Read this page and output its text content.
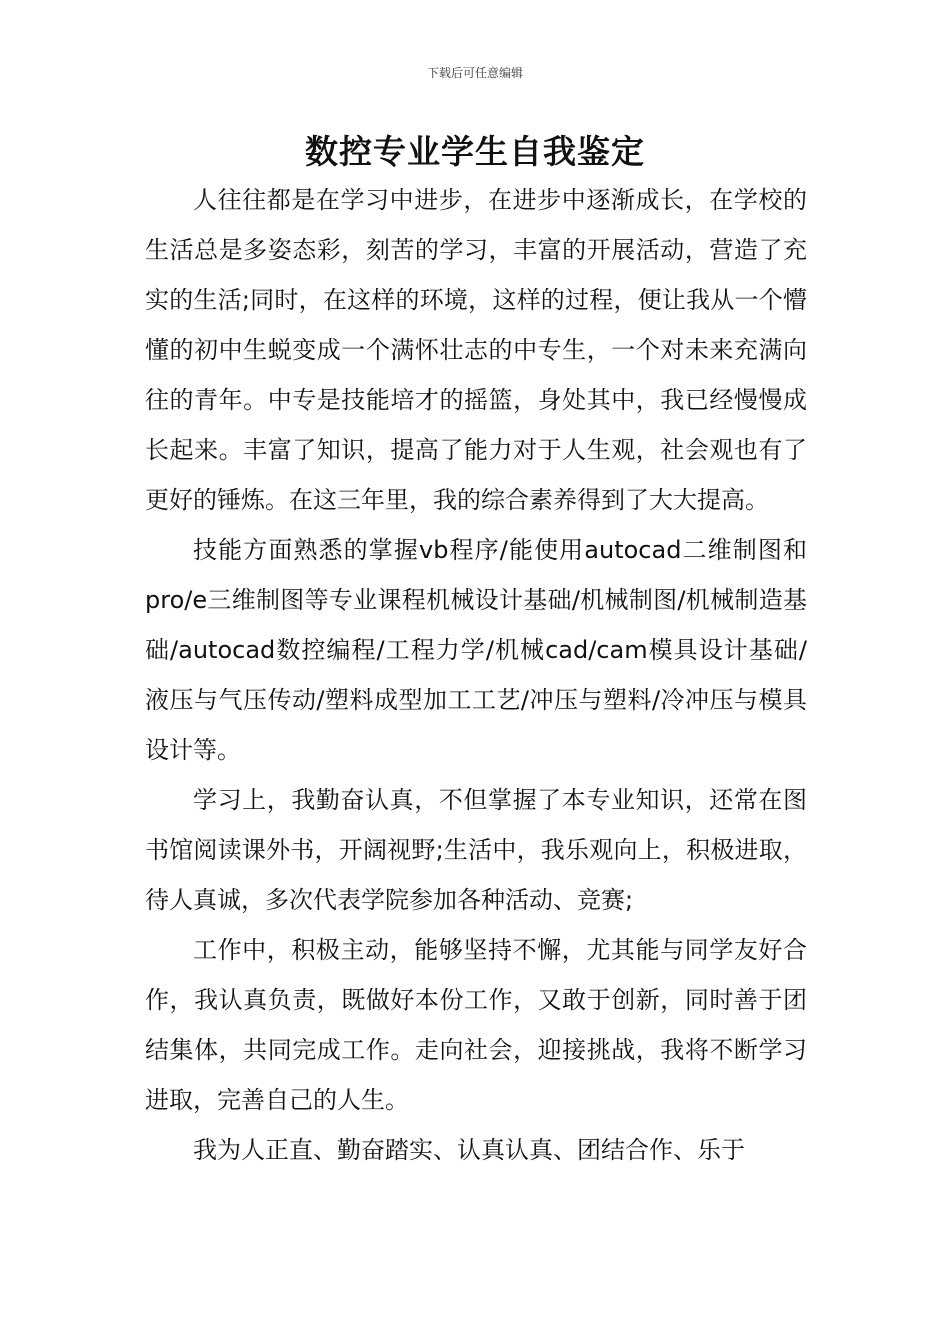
下载后可任意编辑
数控专业学生自我鉴定

人往往都是在学习中进步，在进步中逐渐成长，在学校的生活总是多姿态彩，刻苦的学习，丰富的开展活动，营造了充实的生活;同时，在这样的环境，这样的过程，便让我从一个懵懂的初中生蜕变成一个满怀壮志的中专生，一个对未来充满向往的青年。中专是技能培才的摇篮，身处其中，我已经慢慢成长起来。丰富了知识，提高了能力对于人生观，社会观也有了更好的锤炼。在这三年里，我的综合素养得到了大大提高。

技能方面熟悉的掌握vb程序/能使用autocad二维制图和pro/e三维制图等专业课程机械设计基础/机械制图/机械制造基础/autocad数控编程/工程力学/机械cad/cam模具设计基础/液压与气压传动/塑料成型加工工艺/冲压与塑料/冷冲压与模具设计等。

学习上，我勤奋认真，不但掌握了本专业知识，还常在图书馆阅读课外书，开阔视野;生活中，我乐观向上，积极进取，待人真诚，多次代表学院参加各种活动、竞赛;

工作中，积极主动，能够坚持不懈，尤其能与同学友好合作，我认真负责，既做好本份工作，又敢于创新，同时善于团结集体，共同完成工作。走向社会，迎接挑战，我将不断学习进取，完善自己的人生。

我为人正直、勤奋踏实、认真认真、团结合作、乐于
